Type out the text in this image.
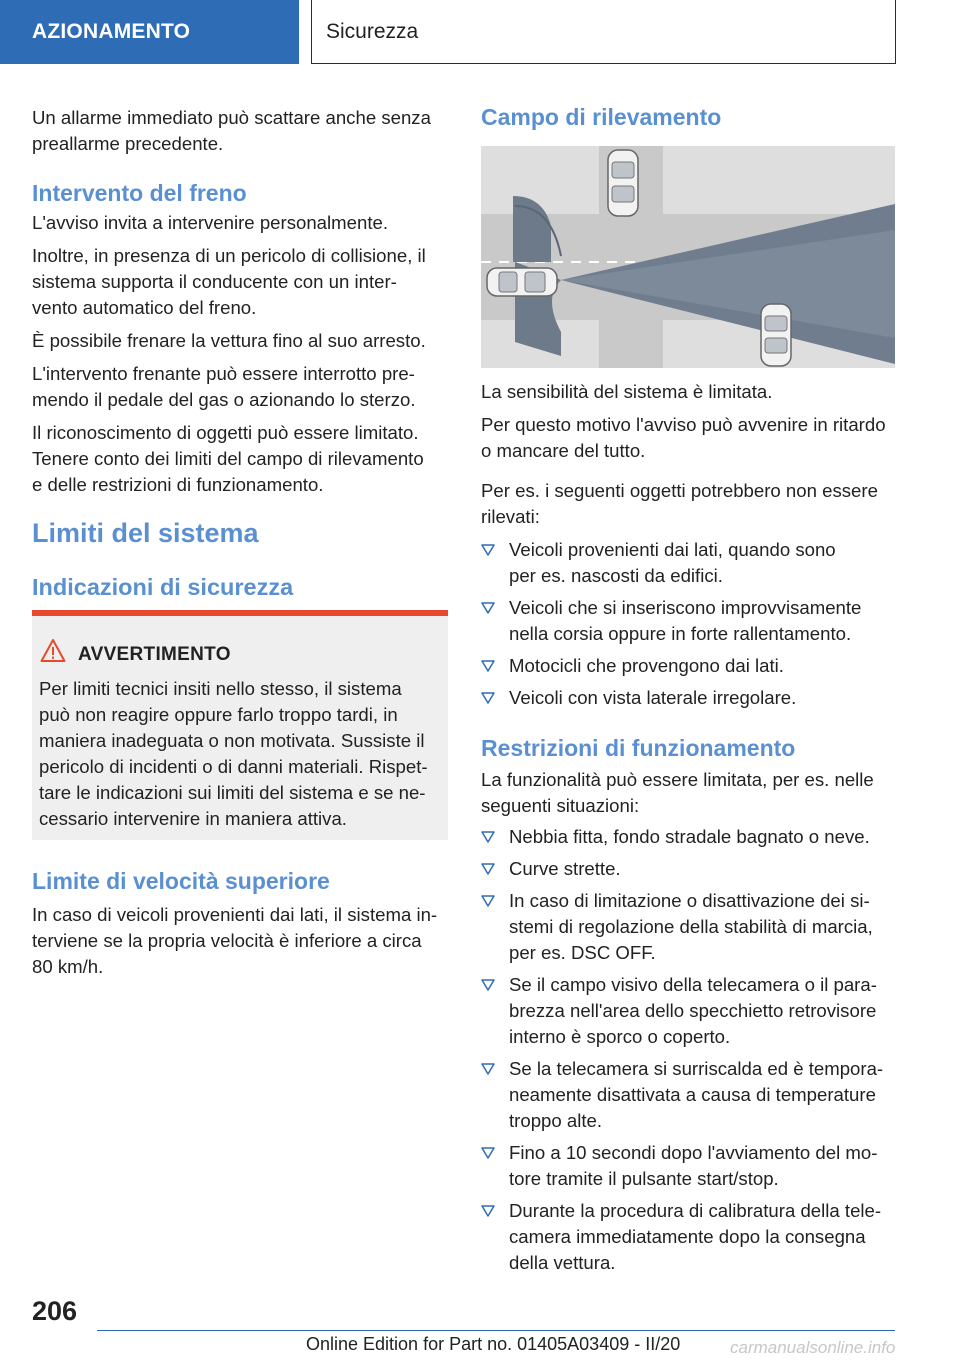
AZIONAMENTO	Sicurezza

Un allarme immediato può scattare anche senza

preallarme precedente.

Intervento del freno

L'avviso invita a intervenire personalmente.

Inoltre, in presenza di un pericolo di collisione, il

sistema supporta il conducente con un inter-

vento automatico del freno.

È possibile frenare la vettura fino al suo arresto.

L'intervento frenante può essere interrotto pre-

mendo il pedale del gas o azionando lo sterzo.

Il riconoscimento di oggetti può essere limitato.

Tenere conto dei limiti del campo di rilevamento

e delle restrizioni di funzionamento.

Limiti del sistema
Indicazioni di sicurezza
AVVERTIMENTO

Per limiti tecnici insiti nello stesso, il sistema

può non reagire oppure farlo troppo tardi, in

maniera inadeguata o non motivata. Sussiste il

pericolo di incidenti o di danni materiali. Rispet-

tare le indicazioni sui limiti del sistema e se ne-

cessario intervenire in maniera attiva.

Limite di velocità superiore

In caso di veicoli provenienti dai lati, il sistema in-

terviene se la propria velocità è inferiore a circa

80 km/h.

Campo di rilevamento

La sensibilità del sistema è limitata.

Per questo motivo l'avviso può avvenire in ritardo

o mancare del tutto.

Per es. i seguenti oggetti potrebbero non essere

rilevati:

Veicoli provenienti dai lati, quando sono

per es. nascosti da edifici.

Veicoli che si inseriscono improvvisamente

nella corsia oppure in forte rallentamento.

Motocicli che provengono dai lati.

Veicoli con vista laterale irregolare.

Restrizioni di funzionamento

La funzionalità può essere limitata, per es. nelle

seguenti situazioni:

Nebbia fitta, fondo stradale bagnato o neve.

Curve strette.

In caso di limitazione o disattivazione dei si-

stemi di regolazione della stabilità di marcia,

per es. DSC OFF.

Se il campo visivo della telecamera o il para-

brezza nell'area dello specchietto retrovisore

interno è sporco o coperto.

Se la telecamera si surriscalda ed è tempora-

neamente disattivata a causa di temperature

troppo alte.

Fino a 10 secondi dopo l'avviamento del mo-

tore tramite il pulsante start/stop.

Durante la procedura di calibratura della tele-

camera immediatamente dopo la consegna

della vettura.

206
Online Edition for Part no. 01405A03409 - II/20	carmanualsonline.info
